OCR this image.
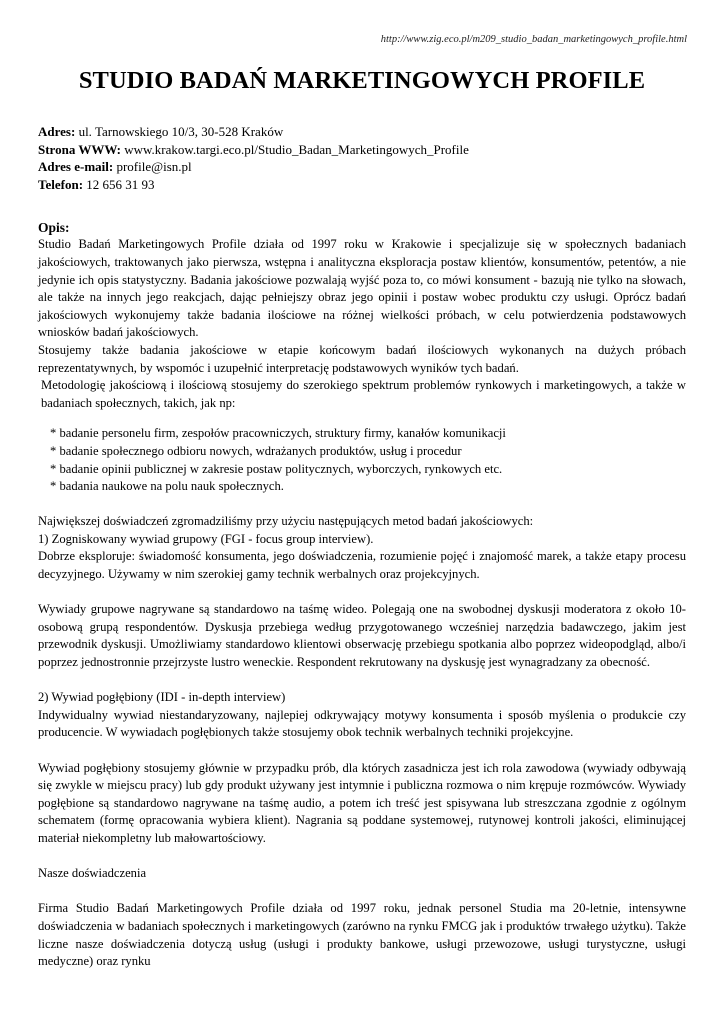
http://www.zig.eco.pl/m209_studio_badan_marketingowych_profile.html
STUDIO BADAŃ MARKETINGOWYCH PROFILE
Adres: ul. Tarnowskiego 10/3, 30-528 Kraków
Strona WWW: www.krakow.targi.eco.pl/Studio_Badan_Marketingowych_Profile
Adres e-mail: profile@isn.pl
Telefon: 12 656 31 93
Opis:

Studio Badań Marketingowych Profile działa od 1997 roku w Krakowie i specjalizuje się w społecznych badaniach jakościowych, traktowanych jako pierwsza, wstępna i analityczna eksploracja postaw klientów, konsumentów, petentów, a nie jedynie ich opis statystyczny. Badania jakościowe pozwalają wyjść poza to, co mówi konsument - bazują nie tylko na słowach, ale także na innych jego reakcjach, dając pełniejszy obraz jego opinii i postaw wobec produktu czy usługi. Oprócz badań jakościowych wykonujemy także badania ilościowe na różnej wielkości próbach, w celu potwierdzenia podstawowych wniosków badań jakościowych.

Stosujemy także badania jakościowe w etapie końcowym badań ilościowych wykonanych na dużych próbach reprezentatywnych, by wspomóc i uzupełnić interpretację podstawowych wyników tych badań.

Metodologię jakościową i ilościową stosujemy do szerokiego spektrum problemów rynkowych i marketingowych, a także w badaniach społecznych, takich, jak np:

* badanie personelu firm, zespołów pracowniczych, struktury firmy, kanałów komunikacji
* badanie społecznego odbioru nowych, wdrażanych produktów, usług i procedur
* badanie opinii publicznej w zakresie postaw politycznych, wyborczych, rynkowych etc.
* badania naukowe na polu nauk społecznych.

Największej doświadczeń zgromadziliśmy przy użyciu następujących metod badań jakościowych:

1) Zogniskowany wywiad grupowy (FGI - focus group interview).

Dobrze eksploruje: świadomość konsumenta, jego doświadczenia, rozumienie pojęć i znajomość marek, a także etapy procesu decyzyjnego. Używamy w nim szerokiej gamy technik werbalnych oraz projekcyjnych.

Wywiady grupowe nagrywane są standardowo na taśmę wideo. Polegają one na swobodnej dyskusji moderatora z około 10-osobową grupą respondentów. Dyskusja przebiega według przygotowanego wcześniej narzędzia badawczego, jakim jest przewodnik dyskusji. Umożliwiamy standardowo klientowi obserwację przebiegu spotkania albo poprzez wideopodgląd, albo/i poprzez jednostronnie przejrzyste lustro weneckie. Respondent rekrutowany na dyskusję jest wynagradzany za obecność.

2) Wywiad pogłębiony (IDI - in-depth interview)

Indywidualny wywiad niestandaryzowany, najlepiej odkrywający motywy konsumenta i sposób myślenia o produkcie czy producencie. W wywiadach pogłębionych także stosujemy obok technik werbalnych techniki projekcyjne.

Wywiad pogłębiony stosujemy głównie w przypadku prób, dla których zasadnicza jest ich rola zawodowa (wywiady odbywają się zwykle w miejscu pracy) lub gdy produkt używany jest intymnie i publiczna rozmowa o nim krępuje rozmówców. Wywiady pogłębione są standardowo nagrywane na taśmę audio, a potem ich treść jest spisywana lub streszczana zgodnie z ogólnym schematem (formę opracowania wybiera klient). Nagrania są poddane systemowej, rutynowej kontroli jakości, eliminującej materiał niekompletny lub małowartościowy.

Nasze doświadczenia

Firma Studio Badań Marketingowych Profile działa od 1997 roku, jednak personel Studia ma 20-letnie, intensywne doświadczenia w badaniach społecznych i marketingowych (zarówno na rynku FMCG jak i produktów trwałego użytku). Także liczne nasze doświadczenia dotyczą usług (usługi i produkty bankowe, usługi przewozowe, usługi turystyczne, usługi medyczne) oraz rynku
